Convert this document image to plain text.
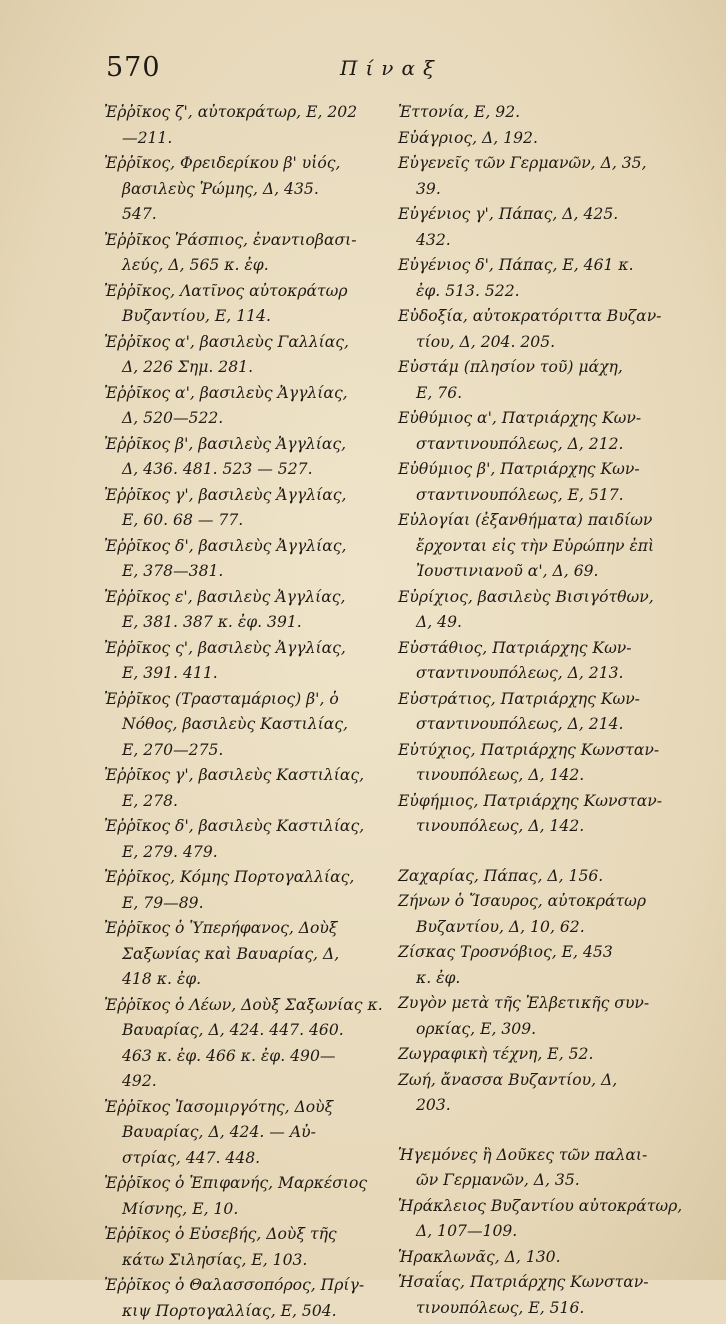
570	Πίναξ
Ἐῤῥῖκος ζ', αὐτοκράτωρ, Ε, 202
—211.
Ἐῤῥῖκος, Φρειδερίκου β' υἱός,
βασιλεὺς Ῥώμης, Δ, 435.
547.
Ἐῤῥῖκος Ῥάσπιος, ἐναντιοβασι-
λεύς, Δ, 565 κ. ἐφ.
Ἐῤῥῖκος, Λατῖνος αὐτοκράτωρ
Βυζαντίου, Ε, 114.
Ἐῤῥῖκος α', βασιλεὺς Γαλλίας,
Δ, 226 Σημ. 281.
Ἐῤῥῖκος α', βασιλεὺς Ἀγγλίας,
Δ, 520—522.
Ἐῤῥῖκος β', βασιλεὺς Ἀγγλίας,
Δ, 436. 481. 523 — 527.
Ἐῤῥῖκος γ', βασιλεὺς Ἀγγλίας,
Ε, 60. 68 — 77.
Ἐῤῥῖκος δ', βασιλεὺς Ἀγγλίας,
Ε, 378—381.
Ἐῤῥῖκος ε', βασιλεὺς Ἀγγλίας,
Ε, 381. 387 κ. ἐφ. 391.
Ἐῤῥῖκος ς', βασιλεὺς Ἀγγλίας,
Ε, 391. 411.
Ἐῤῥῖκος (Τρασταμάριος) β', ὁ
Νόθος, βασιλεὺς Καστιλίας,
Ε, 270—275.
Ἐῤῥῖκος γ', βασιλεὺς Καστιλίας,
Ε, 278.
Ἐῤῥῖκος δ', βασιλεὺς Καστιλίας,
Ε, 279. 479.
Ἐῤῥῖκος, Κόμης Πορτογαλλίας,
Ε, 79—89.
Ἐῤῥῖκος ὁ Ὑπερήφανος, Δοὺξ
Σαξωνίας καὶ Βαυαρίας, Δ,
418 κ. ἐφ.
Ἐῤῥῖκος ὁ Λέων, Δοὺξ Σαξωνίας κ.
Βαυαρίας, Δ, 424. 447. 460.
463 κ. ἐφ. 466 κ. ἐφ. 490—
492.
Ἐῤῥῖκος Ἰασομιργότης, Δοὺξ
Βαυαρίας, Δ, 424. — Αὐ-
στρίας, 447. 448.
Ἐῤῥῖκος ὁ Ἐπιφανής, Μαρκέσιος
Μίσνης, Ε, 10.
Ἐῤῥῖκος ὁ Εὐσεβής, Δοὺξ τῆς
κάτω Σιλησίας, Ε, 103.
Ἐῤῥῖκος ὁ Θαλασσοπόρος, Πρίγ-
κιψ Πορτογαλλίας, Ε, 504.
Ἐττονία, Ε, 92.
Εὐάγριος, Δ, 192.
Εὐγενεῖς τῶν Γερμανῶν, Δ, 35,
39.
Εὐγένιος γ', Πάπας, Δ, 425.
432.
Εὐγένιος δ', Πάπας, Ε, 461 κ.
ἐφ. 513. 522.
Εὐδοξία, αὐτοκρατόριττα Βυζαν-
τίου, Δ, 204. 205.
Εὐστάμ (πλησίον τοῦ) μάχη,
Ε, 76.
Εὐθύμιος α', Πατριάρχης Κων-
σταντινουπόλεως, Δ, 212.
Εὐθύμιος β', Πατριάρχης Κων-
σταντινουπόλεως, Ε, 517.
Εὐλογίαι (ἐξανθήματα) παιδίων
ἔρχονται εἰς τὴν Εὐρώπην ἐπὶ
Ἰουστινιανοῦ α', Δ, 69.
Εὐρίχιος, βασιλεὺς Βισιγότθων,
Δ, 49.
Εὐστάθιος, Πατριάρχης Κων-
σταντινουπόλεως, Δ, 213.
Εὐστράτιος, Πατριάρχης Κων-
σταντινουπόλεως, Δ, 214.
Εὐτύχιος, Πατριάρχης Κωνσταν-
τινουπόλεως, Δ, 142.
Εὐφήμιος, Πατριάρχης Κωνσταν-
τινουπόλεως, Δ, 142.
Ζαχαρίας, Πάπας, Δ, 156.
Ζήνων ὁ Ἴσαυρος, αὐτοκράτωρ
Βυζαντίου, Δ, 10, 62.
Ζίσκας Τροσνόβιος, Ε, 453
κ. ἐφ.
Ζυγὸν μετὰ τῆς Ἐλβετικῆς συν-
ορκίας, Ε, 309.
Ζωγραφικὴ τέχνη, Ε, 52.
Ζωή, ἄνασσα Βυζαντίου, Δ,
203.
Ἡγεμόνες ἢ Δοῦκες τῶν παλαι-
ῶν Γερμανῶν, Δ, 35.
Ἡράκλειος Βυζαντίου αὐτοκράτωρ,
Δ, 107—109.
Ἡρακλωνᾶς, Δ, 130.
Ἡσαΐας, Πατριάρχης Κωνσταν-
τινουπόλεως, Ε, 516.
